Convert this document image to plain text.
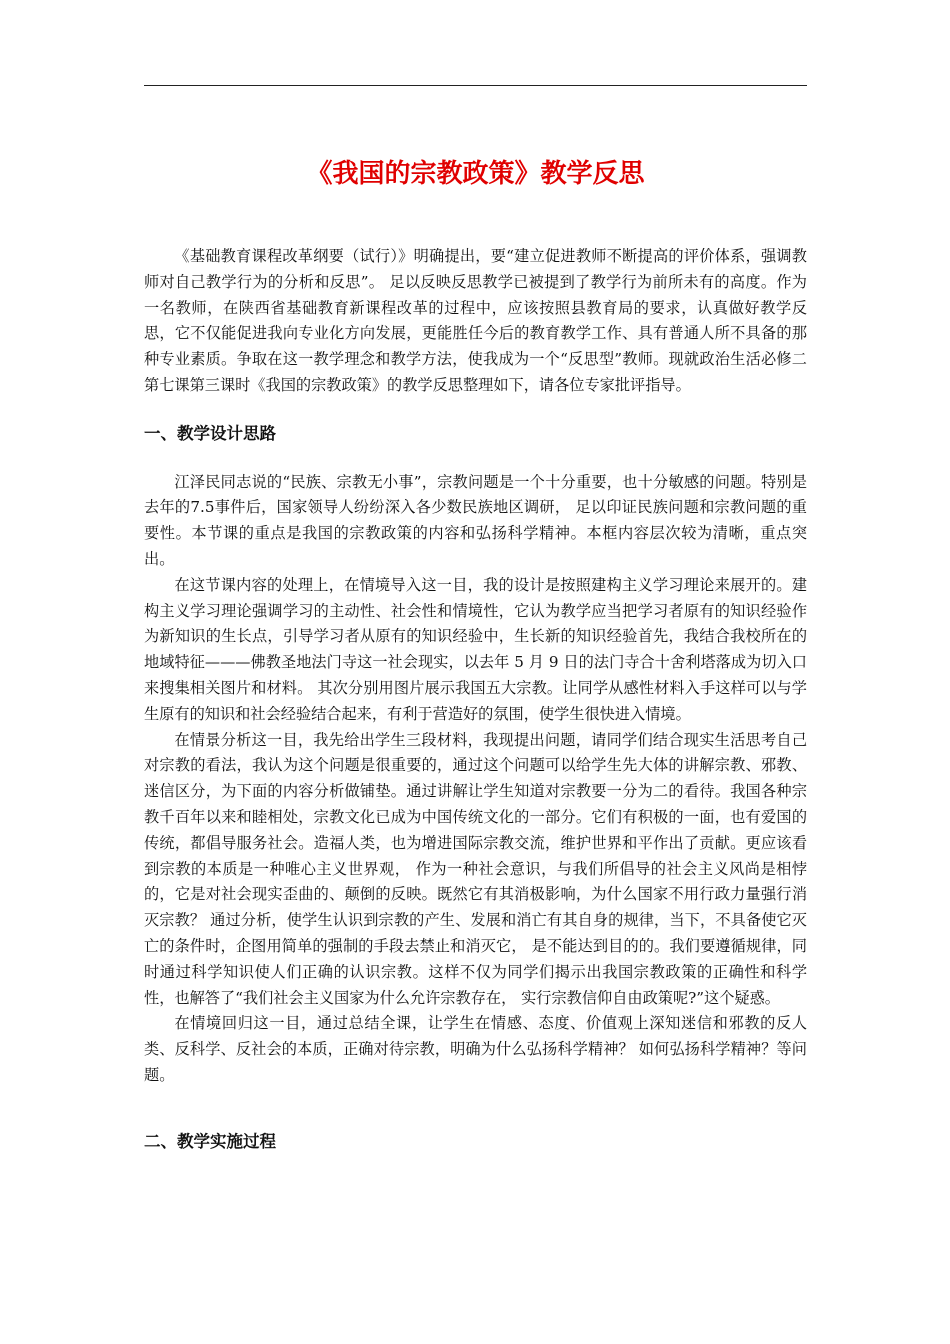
《我国的宗教政策》教学反思

《基础教育课程改革纲要（试行）》明确提出，要“建立促进教师不断提高的评价体系，强调教师对自己教学行为的分析和反思”。 足以反映反思教学已被提到了教学行为前所未有的高度。作为一名教师，在陕西省基础教育新课程改革的过程中，应该按照县教育局的要求，认真做好教学反思，它不仅能促进我向专业化方向发展，更能胜任今后的教育教学工作、具有普通人所不具备的那种专业素质。争取在这一教学理念和教学方法，使我成为一个“反思型”教师。现就政治生活必修二第七课第三课时《我国的宗教政策》的教学反思整理如下，请各位专家批评指导。

一、教学设计思路

江泽民同志说的“民族、宗教无小事”，宗教问题是一个十分重要，也十分敏感的问题。特别是去年的7.5事件后，国家领导人纷纷深入各少数民族地区调研， 足以印证民族问题和宗教问题的重要性。本节课的重点是我国的宗教政策的内容和弘扬科学精神。本框内容层次较为清晰，重点突出。

在这节课内容的处理上，在情境导入这一目，我的设计是按照建构主义学习理论来展开的。建构主义学习理论强调学习的主动性、社会性和情境性，它认为教学应当把学习者原有的知识经验作为新知识的生长点，引导学习者从原有的知识经验中，生长新的知识经验首先，我结合我校所在的地域特征———佛教圣地法门寺这一社会现实，以去年 5 月 9 日的法门寺合十舍利塔落成为切入口来搜集相关图片和材料。 其次分别用图片展示我国五大宗教。让同学从感性材料入手这样可以与学生原有的知识和社会经验结合起来，有利于营造好的氛围，使学生很快进入情境。

在情景分析这一目，我先给出学生三段材料，我现提出问题，请同学们结合现实生活思考自己对宗教的看法，我认为这个问题是很重要的，通过这个问题可以给学生先大体的讲解宗教、邪教、迷信区分，为下面的内容分析做铺垫。通过讲解让学生知道对宗教要一分为二的看待。我国各种宗教千百年以来和睦相处，宗教文化已成为中国传统文化的一部分。它们有积极的一面，也有爱国的传统，都倡导服务社会。造福人类，也为增进国际宗教交流，维护世界和平作出了贡献。更应该看到宗教的本质是一种唯心主义世界观， 作为一种社会意识，与我们所倡导的社会主义风尚是相悖的，它是对社会现实歪曲的、颠倒的反映。既然它有其消极影响，为什么国家不用行政力量强行消灭宗教？ 通过分析，使学生认识到宗教的产生、发展和消亡有其自身的规律，当下，不具备使它灭亡的条件时，企图用简单的强制的手段去禁止和消灭它， 是不能达到目的的。我们要遵循规律，同时通过科学知识使人们正确的认识宗教。这样不仅为同学们揭示出我国宗教政策的正确性和科学性，也解答了“我们社会主义国家为什么允许宗教存在， 实行宗教信仰自由政策呢?”这个疑惑。

在情境回归这一目，通过总结全课，让学生在情感、态度、价值观上深知迷信和邪教的反人类、反科学、反社会的本质，正确对待宗教，明确为什么弘扬科学精神？ 如何弘扬科学精神？等问题。

二、教学实施过程
